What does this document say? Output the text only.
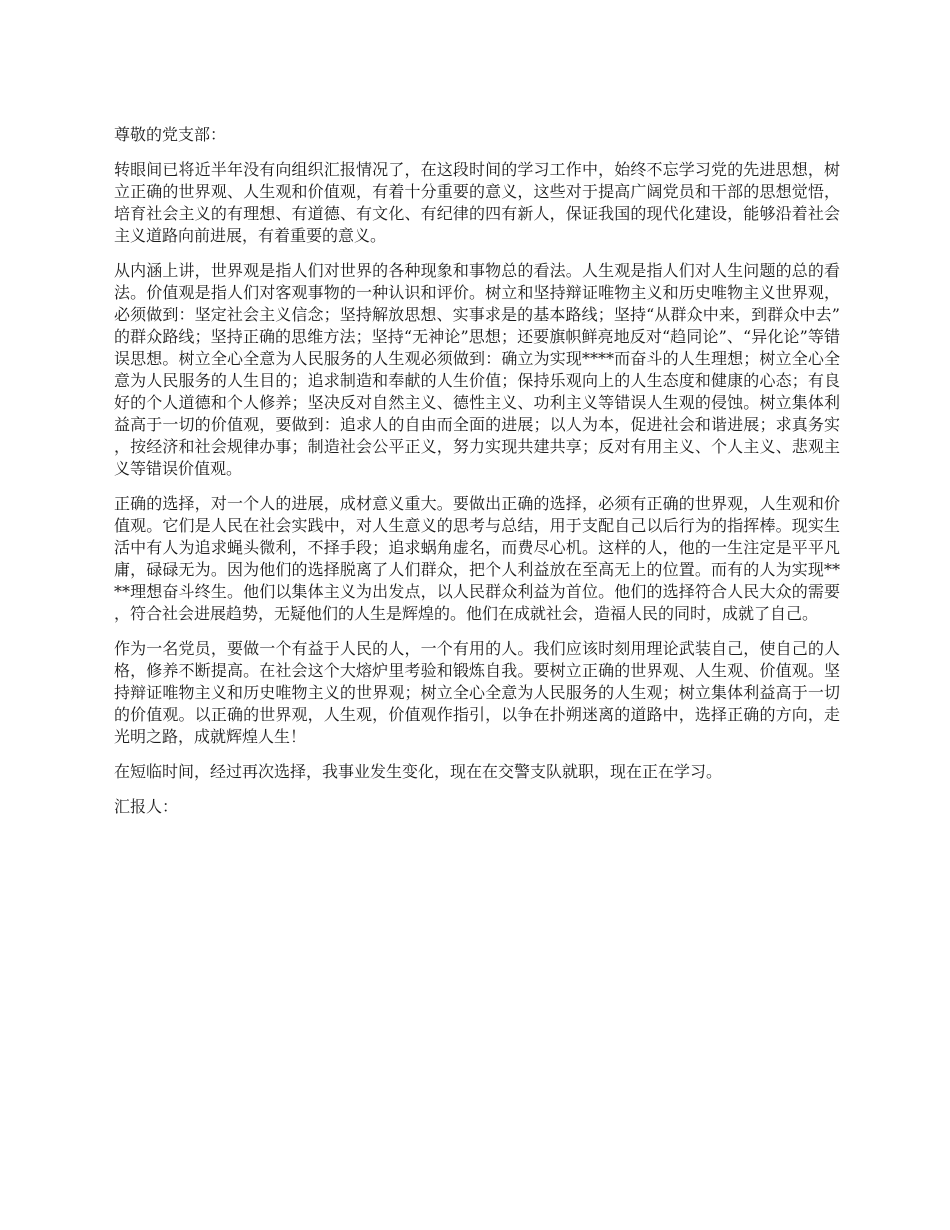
尊敬的党支部：

转眼间已将近半年没有向组织汇报情况了，在这段时间的学习工作中，始终不忘学习党的先进思想，树立正确的世界观、人生观和价值观，有着十分重要的意义，这些对于提高广阔党员和干部的思想觉悟，培育社会主义的有理想、有道德、有文化、有纪律的四有新人，保证我国的现代化建设，能够沿着社会主义道路向前进展，有着重要的意义。

从内涵上讲，世界观是指人们对世界的各种现象和事物总的看法。人生观是指人们对人生问题的总的看法。价值观是指人们对客观事物的一种认识和评价。树立和坚持辩证唯物主义和历史唯物主义世界观，必须做到：坚定社会主义信念；坚持解放思想、实事求是的基本路线；坚持“从群众中来，到群众中去”的群众路线；坚持正确的思维方法；坚持“无神论”思想；还要旗帜鲜亮地反对“趋同论”、“异化论”等错误思想。树立全心全意为人民服务的人生观必须做到：确立为实现****而奋斗的人生理想；树立全心全意为人民服务的人生目的；追求制造和奉献的人生价值；保持乐观向上的人生态度和健康的心态；有良好的个人道德和个人修养；坚决反对自然主义、德性主义、功利主义等错误人生观的侵蚀。树立集体利益高于一切的价值观，要做到：追求人的自由而全面的进展；以人为本，促进社会和谐进展；求真务实，按经济和社会规律办事；制造社会公平正义，努力实现共建共享；反对有用主义、个人主义、悲观主义等错误价值观。

正确的选择，对一个人的进展，成材意义重大。要做出正确的选择，必须有正确的世界观，人生观和价值观。它们是人民在社会实践中，对人生意义的思考与总结，用于支配自己以后行为的指挥棒。现实生活中有人为追求蝇头微利，不择手段；追求蜗角虚名，而费尽心机。这样的人，他的一生注定是平平凡庸，碌碌无为。因为他们的选择脱离了人们群众，把个人利益放在至高无上的位置。而有的人为实现****理想奋斗终生。他们以集体主义为出发点，以人民群众利益为首位。他们的选择符合人民大众的需要，符合社会进展趋势，无疑他们的人生是辉煌的。他们在成就社会，造福人民的同时，成就了自己。

作为一名党员，要做一个有益于人民的人，一个有用的人。我们应该时刻用理论武装自己，使自己的人格，修养不断提高。在社会这个大熔炉里考验和锻炼自我。要树立正确的世界观、人生观、价值观。坚持辩证唯物主义和历史唯物主义的世界观；树立全心全意为人民服务的人生观；树立集体利益高于一切的价值观。以正确的世界观，人生观，价值观作指引，以争在扑朔迷离的道路中，选择正确的方向，走光明之路，成就辉煌人生！

在短临时间，经过再次选择，我事业发生变化，现在在交警支队就职，现在正在学习。

汇报人：
